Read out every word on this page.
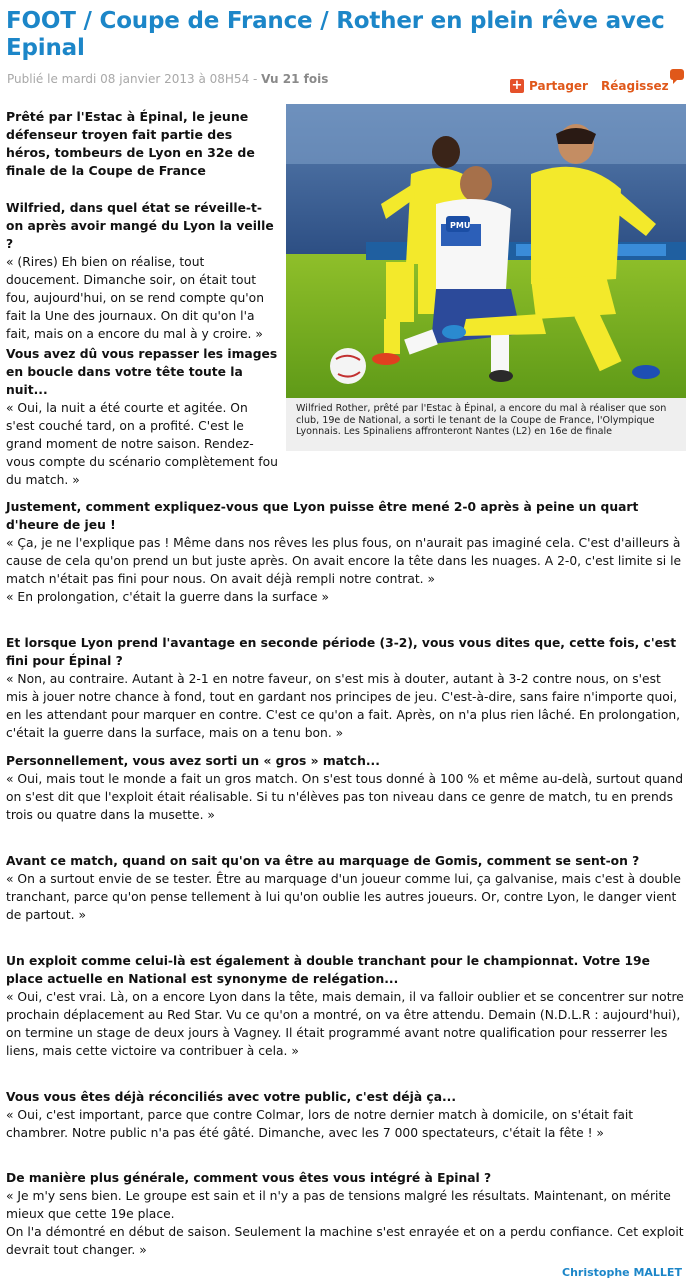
FOOT / Coupe de France / Rother en plein rêve avec Epinal
Publié le mardi 08 janvier 2013 à 08H54 - Vu 21 fois	+ Partager Réagissez
PMU
Wilfried Rother, prêté par l'Estac à Épinal, a encore du mal à réaliser que son club, 19e de National, a sorti le tenant de la Coupe de France, l'Olympique Lyonnais. Les Spinaliens affronteront Nantes (L2) en 16e de finale

Prêté par l'Estac à Épinal, le jeune défenseur troyen fait partie des héros, tombeurs de Lyon en 32e de finale de la Coupe de France

Wilfried, dans quel état se réveille-t-on après avoir mangé du Lyon la veille ?
« (Rires) Eh bien on réalise, tout doucement. Dimanche soir, on était tout fou, aujourd'hui, on se rend compte qu'on fait la Une des journaux. On dit qu'on l'a fait, mais on a encore du mal à y croire. »
Vous avez dû vous repasser les images en boucle dans votre tête toute la nuit...
« Oui, la nuit a été courte et agitée. On s'est couché tard, on a profité. C'est le grand moment de notre saison. Rendez-vous compte du scénario complètement fou du match. »
Justement, comment expliquez-vous que Lyon puisse être mené 2-0 après à peine un quart d'heure de jeu !
« Ça, je ne l'explique pas ! Même dans nos rêves les plus fous, on n'aurait pas imaginé cela. C'est d'ailleurs à cause de cela qu'on prend un but juste après. On avait encore la tête dans les nuages. A 2-0, c'est limite si le match n'était pas fini pour nous. On avait déjà rempli notre contrat. »
« En prolongation, c'était la guerre dans la surface »
Et lorsque Lyon prend l'avantage en seconde période (3-2), vous vous dites que, cette fois, c'est fini pour Épinal ?
« Non, au contraire. Autant à 2-1 en notre faveur, on s'est mis à douter, autant à 3-2 contre nous, on s'est mis à jouer notre chance à fond, tout en gardant nos principes de jeu. C'est-à-dire, sans faire n'importe quoi, en les attendant pour marquer en contre. C'est ce qu'on a fait. Après, on n'a plus rien lâché. En prolongation, c'était la guerre dans la surface, mais on a tenu bon. »
Personnellement, vous avez sorti un « gros » match...
« Oui, mais tout le monde a fait un gros match. On s'est tous donné à 100 % et même au-delà, surtout quand on s'est dit que l'exploit était réalisable. Si tu n'élèves pas ton niveau dans ce genre de match, tu en prends trois ou quatre dans la musette. »
Avant ce match, quand on sait qu'on va être au marquage de Gomis, comment se sent-on ?
« On a surtout envie de se tester. Être au marquage d'un joueur comme lui, ça galvanise, mais c'est à double tranchant, parce qu'on pense tellement à lui qu'on oublie les autres joueurs. Or, contre Lyon, le danger vient de partout. »
Un exploit comme celui-là est également à double tranchant pour le championnat. Votre 19e place actuelle en National est synonyme de relégation...
« Oui, c'est vrai. Là, on a encore Lyon dans la tête, mais demain, il va falloir oublier et se concentrer sur notre prochain déplacement au Red Star. Vu ce qu'on a montré, on va être attendu. Demain (N.D.L.R : aujourd'hui), on termine un stage de deux jours à Vagney. Il était programmé avant notre qualification pour resserrer les liens, mais cette victoire va contribuer à cela. »
Vous vous êtes déjà réconciliés avec votre public, c'est déjà ça...
« Oui, c'est important, parce que contre Colmar, lors de notre dernier match à domicile, on s'était fait chambrer. Notre public n'a pas été gâté. Dimanche, avec les 7 000 spectateurs, c'était la fête ! »
De manière plus générale, comment vous êtes vous intégré à Epinal ?
« Je m'y sens bien. Le groupe est sain et il n'y a pas de tensions malgré les résultats. Maintenant, on mérite mieux que cette 19e place.
On l'a démontré en début de saison. Seulement la machine s'est enrayée et on a perdu confiance. Cet exploit devrait tout changer. »
Christophe MALLET
